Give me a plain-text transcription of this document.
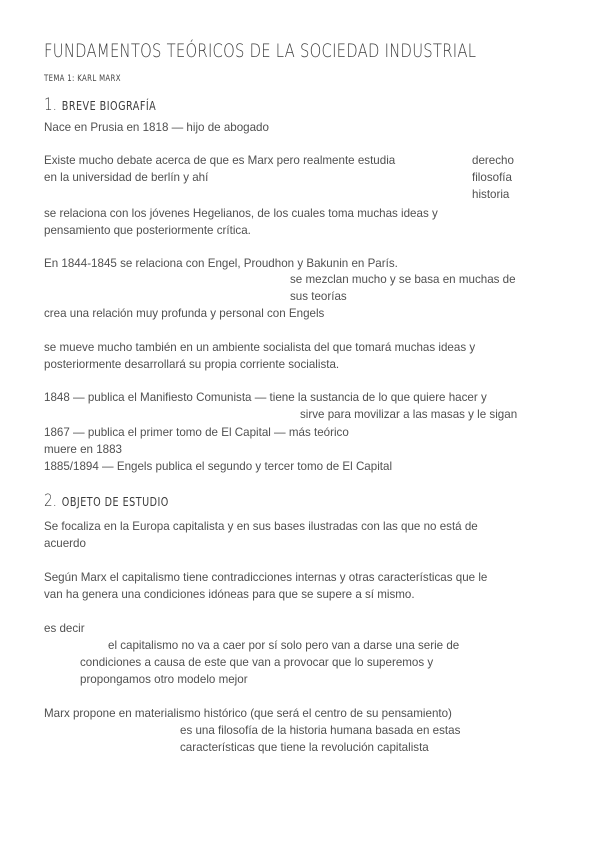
FUNDAMENTOS TEÓRICOS DE LA SOCIEDAD INDUSTRIAL
TEMA 1: KARL MARX
1. BREVE BIOGRAFÍA
Nace en Prusia en 1818 — hijo de abogado
Existe mucho debate acerca de que es Marx pero realmente estudia	derecho
en la universidad de berlín y ahí	filosofía
historia
se relaciona con los jóvenes Hegelianos, de los cuales toma muchas ideas y
pensamiento que posteriormente crítica.
En 1844-1845 se relaciona con Engel, Proudhon y Bakunin en París.
se mezclan mucho y se basa en muchas de
sus teorías
crea una relación muy profunda y personal con Engels
se mueve mucho también en un ambiente socialista del que tomará muchas ideas y
posteriormente desarrollará su propia corriente socialista.
1848 — publica el Manifiesto Comunista — tiene la sustancia de lo que quiere hacer y
sirve para movilizar a las masas y le sigan
1867 — publica el primer tomo de El Capital — más teórico
muere en 1883
1885/1894 — Engels publica el segundo y tercer tomo de El Capital
2. OBJETO DE ESTUDIO
Se focaliza en la Europa capitalista y en sus bases ilustradas con las que no está de
acuerdo
Según Marx el capitalismo tiene contradicciones internas y otras características que le
van ha genera una condiciones idóneas para que se supere a sí mismo.
es decir
el capitalismo no va a caer por sí solo pero van a darse una serie de
condiciones a causa de este que van a provocar que lo superemos y
propongamos otro modelo mejor
Marx propone en materialismo histórico (que será el centro de su pensamiento)
es una filosofía de la historia humana basada en estas
características que tiene la revolución capitalista
